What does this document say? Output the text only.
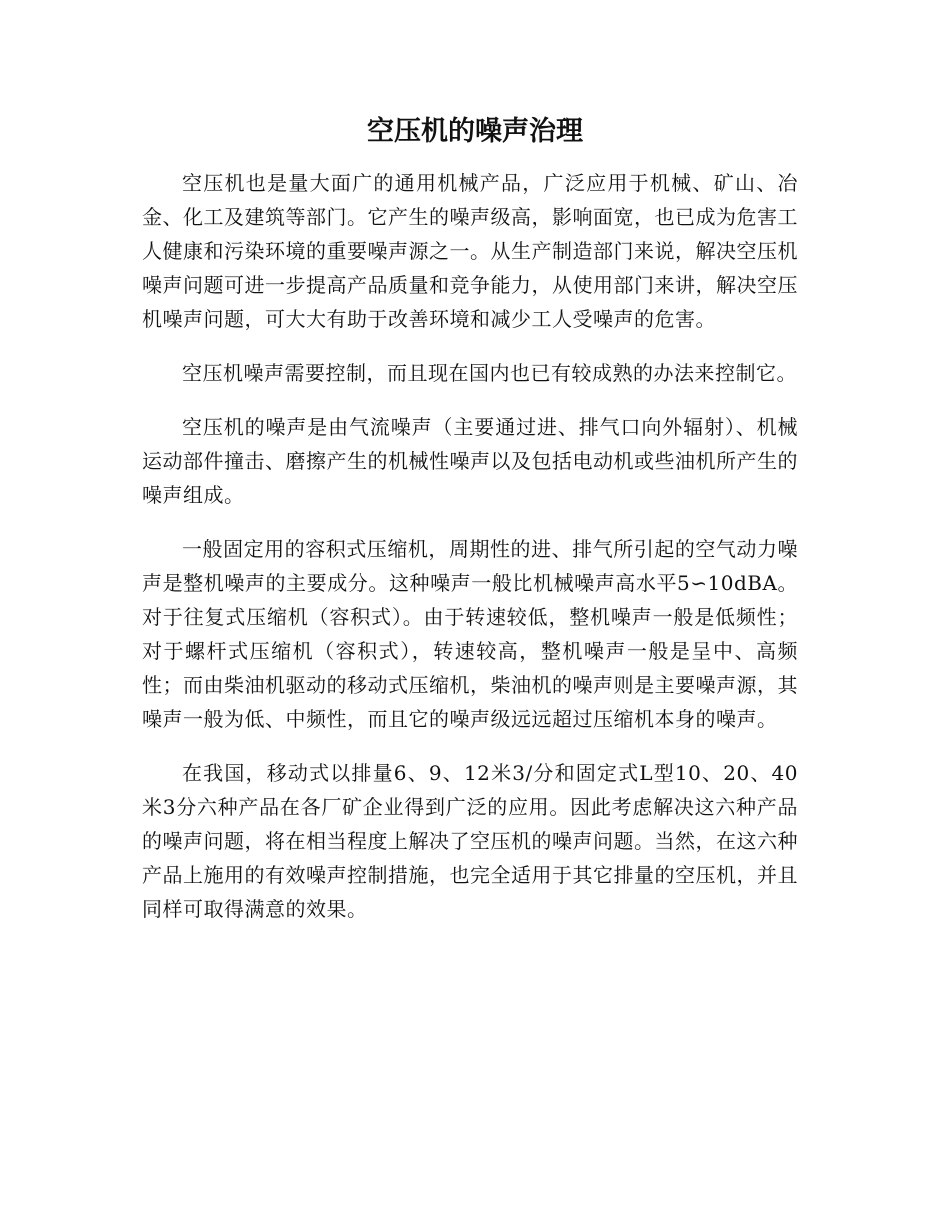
空压机的噪声治理

空压机也是量大面广的通用机械产品，广泛应用于机械、矿山、冶金、化工及建筑等部门。它产生的噪声级高，影响面宽，也已成为危害工人健康和污染环境的重要噪声源之一。从生产制造部门来说，解决空压机噪声问题可进一步提高产品质量和竞争能力，从使用部门来讲，解决空压机噪声问题，可大大有助于改善环境和减少工人受噪声的危害。

空压机噪声需要控制，而且现在国内也已有较成熟的办法来控制它。

空压机的噪声是由气流噪声（主要通过进、排气口向外辐射）、机械运动部件撞击、磨擦产生的机械性噪声以及包括电动机或些油机所产生的噪声组成。

一般固定用的容积式压缩机，周期性的进、排气所引起的空气动力噪声是整机噪声的主要成分。这种噪声一般比机械噪声高水平5∽10dBA。对于往复式压缩机（容积式）。由于转速较低，整机噪声一般是低频性；对于螺杆式压缩机（容积式），转速较高，整机噪声一般是呈中、高频性；而由柴油机驱动的移动式压缩机，柴油机的噪声则是主要噪声源，其噪声一般为低、中频性，而且它的噪声级远远超过压缩机本身的噪声。

在我国，移动式以排量6、9、12米3/分和固定式L型10、20、40米3分六种产品在各厂矿企业得到广泛的应用。因此考虑解决这六种产品的噪声问题，将在相当程度上解决了空压机的噪声问题。当然，在这六种产品上施用的有效噪声控制措施，也完全适用于其它排量的空压机，并且同样可取得满意的效果。
